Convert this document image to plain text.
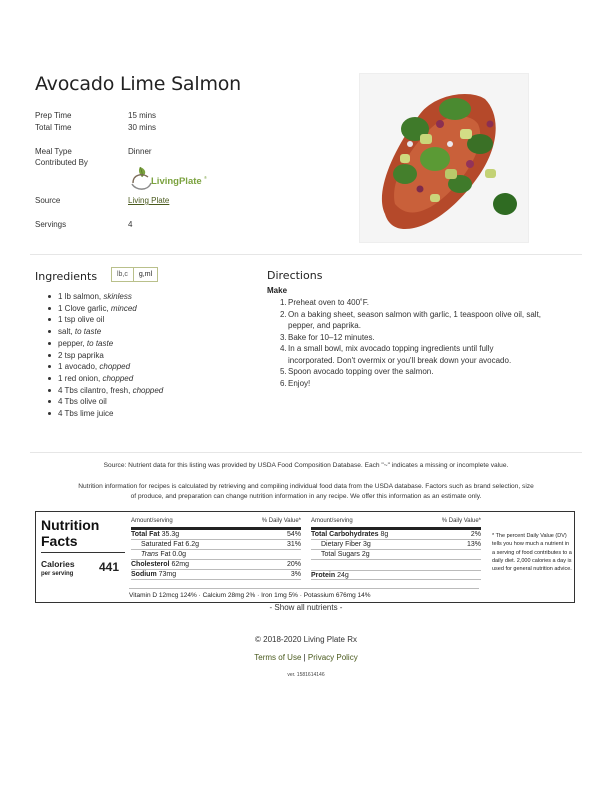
Avocado Lime Salmon
Prep Time	15 mins
Total Time	30 mins
Meal Type	Dinner
Contributed By
LivingPlate ®
Source	Living Plate
Servings	4
Ingredients	lb,c	g,ml
1 lb salmon, skinless
1 Clove garlic, minced
1 tsp olive oil
salt, to taste
pepper, to taste
2 tsp paprika
1 avocado, chopped
1 red onion, chopped
4 Tbs cilantro, fresh, chopped
4 Tbs olive oil
4 Tbs lime juice
Directions
Make
1. Preheat oven to 400˚F.
2. On a baking sheet, season salmon with garlic, 1 teaspoon olive oil, salt,
pepper, and paprika.
3. Bake for 10–12 minutes.
4. In a small bowl, mix avocado topping ingredients until fully
incorporated. Don't overmix or you'll break down your avocado.
5. Spoon avocado topping over the salmon.
6. Enjoy!
Source: Nutrient data for this listing was provided by USDA Food Composition Database. Each "~" indicates a missing or incomplete value.
Nutrition information for recipes is calculated by retrieving and compiling individual food data from the USDA database. Factors such as brand selection, size
of produce, and preparation can change nutrition information in any recipe. We offer this information as an estimate only.
Nutrition
Facts
Calories
per serving 441
Amount/serving	% Daily Value*
Total Fat 35.3g	54%
Saturated Fat 6.2g	31%
Trans Fat 0.0g
Cholesterol 62mg	20%
Sodium 73mg	3%
Amount/serving	% Daily Value*
Total Carbohydrates 8g	2%
Dietary Fiber 3g	13%
Total Sugars 2g
Protein 24g
Vitamin D 12mcg 124% · Calcium 28mg 2% · Iron 1mg 5% · Potassium 676mg 14%
* The percent Daily Value (DV) tells you how much a nutrient in a serving of food contributes to a daily diet. 2,000 calories a day is used for general nutrition advice.
- Show all nutrients -
© 2018-2020 Living Plate Rx
Terms of Use | Privacy Policy
ver. 1581614146
